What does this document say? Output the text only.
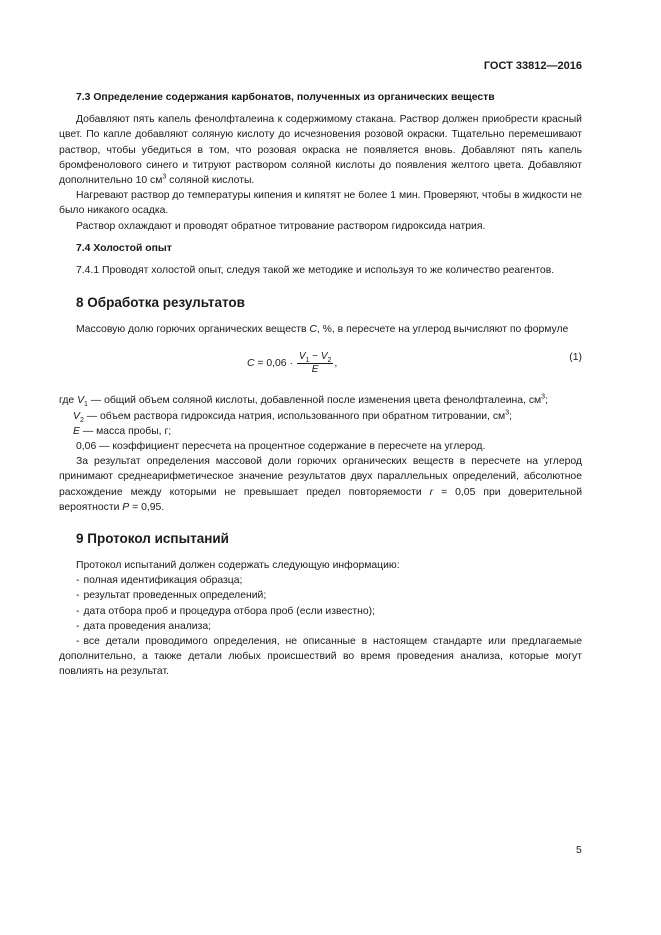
ГОСТ 33812—2016
7.3 Определение содержания карбонатов, полученных из органических веществ

Добавляют пять капель фенолфталеина к содержимому стакана. Раствор должен приобрести красный цвет. По капле добавляют соляную кислоту до исчезновения розовой окраски. Тщательно перемешивают раствор, чтобы убедиться в том, что розовая окраска не появляется вновь. Добавляют пять капель бромфенолового синего и титруют раствором соляной кислоты до появления желтого цвета. Добавляют дополнительно 10 $см^3$ соляной кислоты.

Нагревают раствор до температуры кипения и кипятят не более 1 мин. Проверяют, чтобы в жидкости не было никакого осадка.

Раствор охлаждают и проводят обратное титрование раствором гидроксида натрия.

7.4 Холостой опыт

7.4.1 Проводят холостой опыт, следуя такой же методике и используя то же количество реагентов.

8 Обработка результатов

Массовую долю горючих органических веществ C, %, в пересчете на углерод вычисляют по формуле

$C = 0,06 \cdot \frac{V_1 - V_2}{E}$ ,
(1)

где $V_1$ — общий объем соляной кислоты, добавленной после изменения цвета фенолфталеина, $см^3$;

$V_2$ — объем раствора гидроксида натрия, использованного при обратном титровании, $см^3$;

E — масса пробы, г;

0,06 — коэффициент пересчета на процентное содержание в пересчете на углерод.

За результат определения массовой доли горючих органических веществ в пересчете на углерод принимают среднеарифметическое значение результатов двух параллельных определений, абсолютное расхождение между которыми не превышает предел повторяемости r = 0,05 при доверительной вероятности P = 0,95.

9 Протокол испытаний

Протокол испытаний должен содержать следующую информацию:

- полная идентификация образца;
- результат проведенных определений;
- дата отбора проб и процедура отбора проб (если известно);
- дата проведения анализа;

- все детали проводимого определения, не описанные в настоящем стандарте или предлагаемые дополнительно, а также детали любых происшествий во время проведения анализа, которые могут повлиять на результат.

5
